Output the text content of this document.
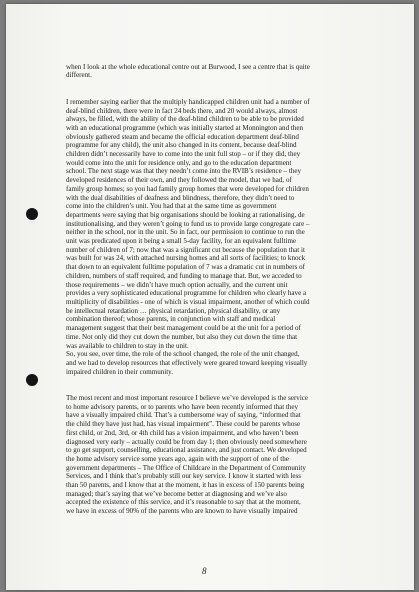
when I look at the whole educational centre out at Burwood, I see a centre that is quite
different.

I remember saying earlier that the multiply handicapped children unit had a number of
deaf-blind children, there were in fact 24 beds there, and 20 would always, almost
always, be filled, with the ability of the deaf-blind children to be able to be provided
with an educational programme (which was initially started at Monnington and then
obviously gathered steam and became the official education department deaf-blind
programme for any child), the unit also changed in its content, because deaf-blind
children didn’t necessarily have to come into the unit full stop – or if they did, they
would come into the unit for residence only, and go to the education department
school. The next stage was that they needn’t come into the RVIB’s residence – they
developed residences of their own, and they followed the model, that we had, of
family group homes; so you had family group homes that were developed for children
with the dual disabilities of deafness and blindness, therefore, they didn’t need to
come into the children’s unit. You had that at the same time as government
departments were saying that big organisations should be looking at rationalising, de
institutionalising, and they weren’t going to fund us to provide large congregate care –
neither in the school, nor in the unit. So in fact, our permission to continue to run the
unit was predicated upon it being a small 5-day facility, for an equivalent fulltime
number of children of 7; now that was a significant cut because the population that it
was built for was 24, with attached nursing homes and all sorts of facilities; to knock
that down to an equivalent fulltime population of 7 was a dramatic cut in numbers of
children, numbers of staff required, and funding to manage that. But, we acceded to
those requirements – we didn’t have much option actually, and the current unit
provides a very sophisticated educational programme for children who clearly have a
multiplicity of disabilities - one of which is visual impairment, another of which could
be intellectual retardation … physical retardation, physical disability, or any
combination thereof; whose parents, in conjunction with staff and medical
management suggest that their best management could be at the unit for a period of
time. Not only did they cut down the number, but also they cut down the time that
was available to children to stay in the unit.
So, you see, over time, the role of the school changed, the role of the unit changed,
and we had to develop resources that effectively were geared toward keeping visually
impaired children in their community.

The most recent and most important resource I believe we’ve developed is the service
to home advisory parents, or to parents who have been recently informed that they
have a visually impaired child. That’s a cumbersome way of saying, “informed that
the child they have just had, has visual impairment”. These could be parents whose
first child, or 2nd, 3rd, or 4th child has a vision impairment, and who haven’t been
diagnosed very early – actually could be from day 1; then obviously need somewhere
to go get support, counselling, educational assistance, and just contact. We developed
the home advisory service some years ago, again with the support of one of the
government departments – The Office of Childcare in the Department of Community
Services, and I think that’s probably still our key service. I know it started with less
than 50 parents, and I know that at the moment, it has in excess of 150 parents being
managed; that’s saying that we’ve become better at diagnosing and we’ve also
accepted the existence of this service, and it’s reasonable to say that at the moment,
we have in excess of 90% of the parents who are known to have visually impaired

8
